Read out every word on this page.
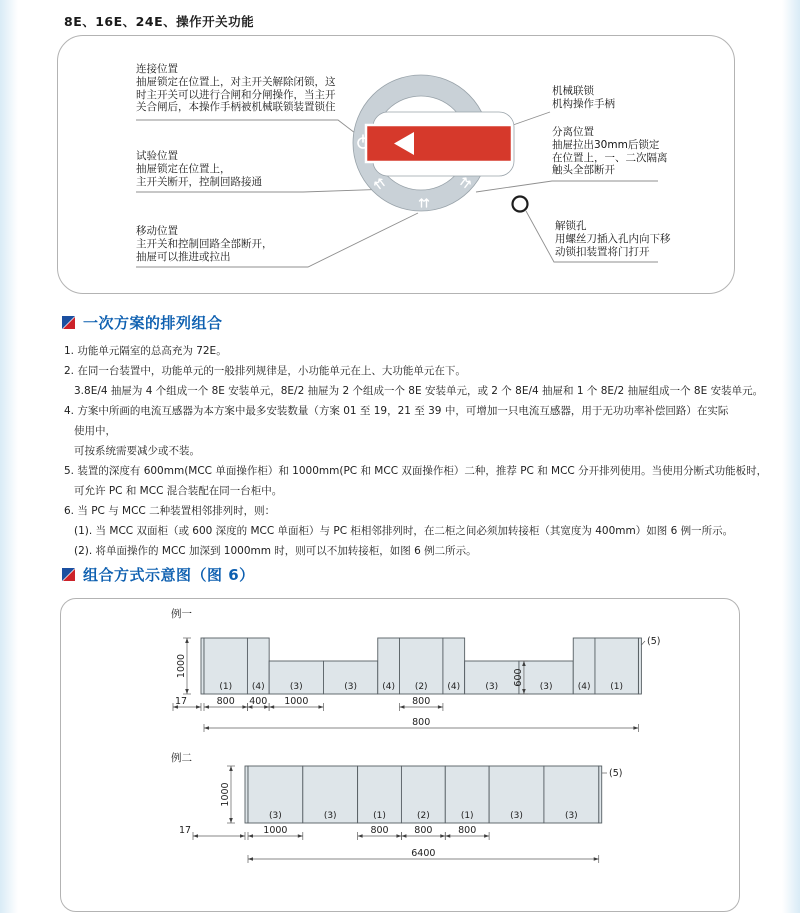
8E、16E、24E、操作开关功能
连接位置
抽屉锁定在位置上，对主开关解除闭锁，这
时主开关可以进行合闸和分闸操作，当主开
关合闸后，本操作手柄被机械联锁装置锁住
试验位置
抽屉锁定在位置上，
主开关断开，控制回路接通
移动位置
主开关和控制回路全部断开，
抽屉可以推进或拉出
机械联锁
机构操作手柄
分离位置
抽屉拉出30mm后锁定
在位置上，一、二次隔离
触头全部断开
解锁孔
用螺丝刀插入孔内向下移
动锁扣装置将门打开
一次方案的排列组合
1. 功能单元隔室的总高充为 72E。
2. 在同一台装置中，功能单元的一般排列规律是，小功能单元在上、大功能单元在下。
3.8E/4 抽屉为 4 个组成一个 8E 安装单元，8E/2 抽屉为 2 个组成一个 8E 安装单元，或 2 个 8E/4 抽屉和 1 个 8E/2 抽屉组成一个 8E 安装单元。
4. 方案中所画的电流互感器为本方案中最多安装数量（方案 01 至 19，21 至 39 中，可增加一只电流互感器，用于无功功率补偿回路）在实际
使用中，
可按系统需要减少或不装。
5. 装置的深度有 600mm(MCC 单面操作柜）和 1000mm(PC 和 MCC 双面操作柜）二种，推荐 PC 和 MCC 分开排列使用。当使用分断式功能板时，
可允许 PC 和 MCC 混合装配在同一台柜中。
6. 当 PC 与 MCC 二种装置相邻排列时，则：
(1). 当 MCC 双面柜（或 600 深度的 MCC 单面柜）与 PC 柜相邻排列时，在二柜之间必须加转接柜（其宽度为 400mm）如图 6 例一所示。
(2). 将单面操作的 MCC 加深到 1000mm 时，则可以不加转接柜，如图 6 例二所示。
组合方式示意图（图 6）
例一
(1) (4)	(3)	(3)	(4) (2) (4)	(3)	(3)	(4) (1)
1000	600
17	800 400 1000	800
800
(5)
例二
(3)	(3)	(1)	(2)	(1)	(3)	(3)
1000
17	1000	800	800	800
6400
(5)
